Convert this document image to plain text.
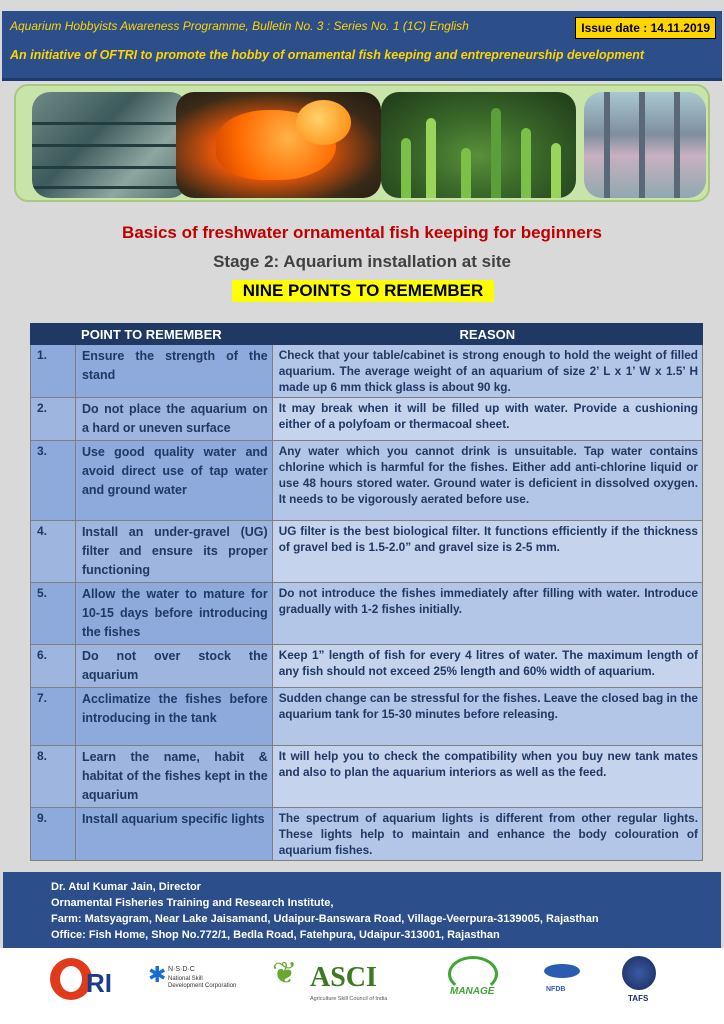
Aquarium Hobbyists Awareness Programme, Bulletin No. 3 : Series No. 1 (1C) English	Issue date : 14.11.2019
An initiative of OFTRI to promote the hobby of ornamental fish keeping and entrepreneurship development
Basics of freshwater ornamental fish keeping for beginners
Stage 2: Aquarium installation at site
NINE POINTS TO REMEMBER
POINT TO REMEMBER		REASON
1.	Ensure the strength of the stand	Check that your table/cabinet is strong enough to hold the weight of filled aquarium. The average weight of an aquarium of size 2’ L x 1’ W x 1.5’ H made up 6 mm thick glass is about 90 kg.
2.	Do not place the aquarium on a hard or uneven surface	It may break when it will be filled up with water. Provide a cushioning either of a polyfoam or thermacoal sheet.
3.	Use good quality water and avoid direct use of tap water and ground water	Any water which you cannot drink is unsuitable. Tap water contains chlorine which is harmful for the fishes. Either add anti-chlorine liquid or use 48 hours stored water. Ground water is deficient in dissolved oxygen. It needs to be vigorously aerated before use.
4.	Install an under-gravel (UG) filter and ensure its proper functioning	UG filter is the best biological filter. It functions efficiently if the thickness of gravel bed is 1.5-2.0” and gravel size is 2-5 mm.
5.	Allow the water to mature for 10-15 days before introducing the fishes	Do not introduce the fishes immediately after filling with water. Introduce gradually with 1-2 fishes initially.
6.	Do not over stock the aquarium	Keep 1” length of fish for every 4 litres of water. The maximum length of any fish should not exceed 25% length and 60% width of aquarium.
7.	Acclimatize the fishes before introducing in the tank	Sudden change can be stressful for the fishes. Leave the closed bag in the aquarium tank for 15-30 minutes before releasing.
8.	Learn the name, habit & habitat of the fishes kept in the aquarium	It will help you to check the compatibility when you buy new tank mates and also to plan the aquarium interiors as well as the feed.
9.	Install aquarium specific lights	The spectrum of aquarium lights is different from other regular lights. These lights help to maintain and enhance the body colouration of aquarium fishes.
Dr. Atul Kumar Jain, Director
Ornamental Fisheries Training and Research Institute,
Farm: Matsyagram, Near Lake Jaisamand, Udaipur-Banswara Road, Village-Veerpura-3139005, Rajasthan
Office: Fish Home, Shop No.772/1, Bedla Road, Fatehpura, Udaipur-313001, Rajasthan
RI ✱ N·S·D·C
National Skill Development Corporation ❦ ASCI
Agriculture Skill Council of India
MANAGE	NFDB
TAFS
